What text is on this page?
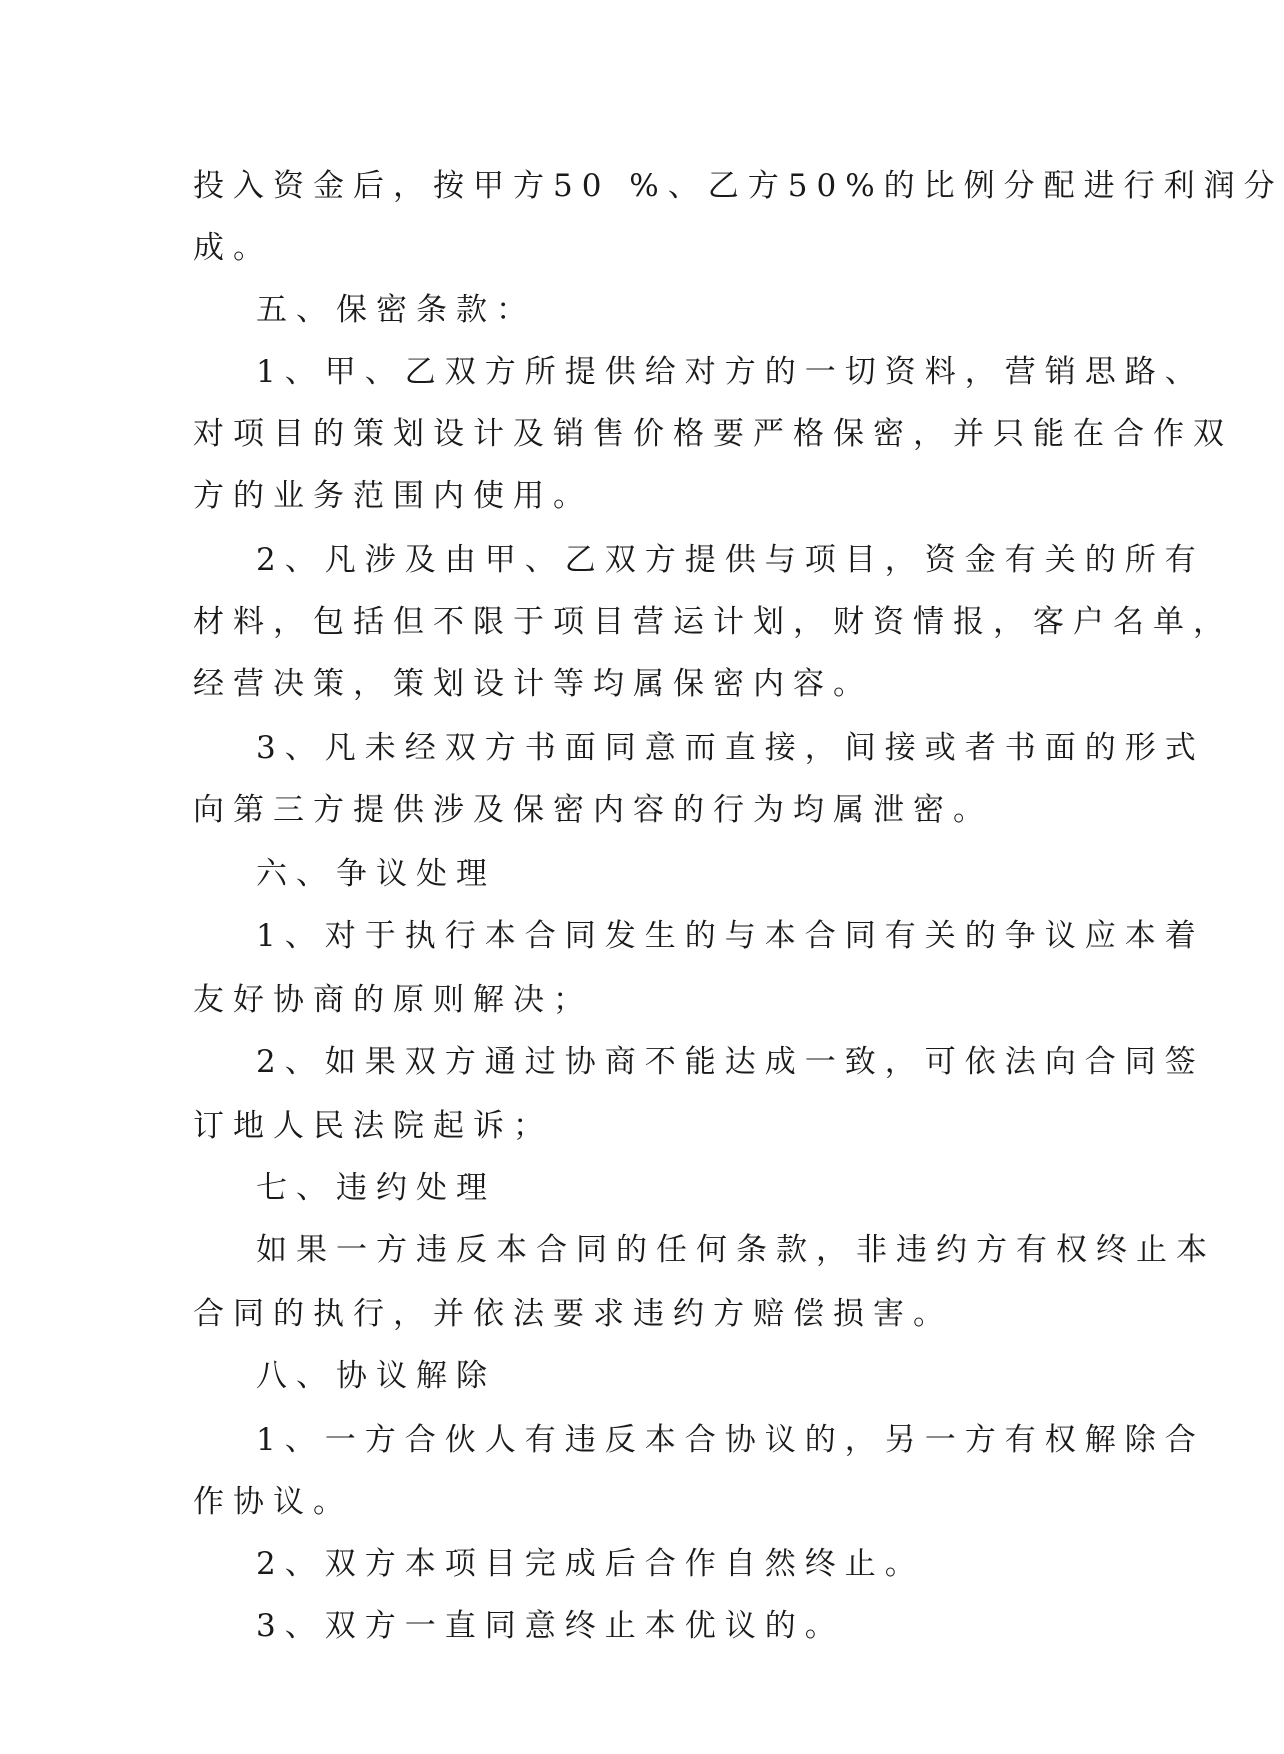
投入资金后，按甲方50 %、乙方50%的比例分配进行利润分
成。
五、保密条款：
1、甲、乙双方所提供给对方的一切资料，营销思路、
对项目的策划设计及销售价格要严格保密，并只能在合作双
方的业务范围内使用。
2、凡涉及由甲、乙双方提供与项目，资金有关的所有
材料，包括但不限于项目营运计划，财资情报，客户名单，
经营决策，策划设计等均属保密内容。
3、凡未经双方书面同意而直接，间接或者书面的形式
向第三方提供涉及保密内容的行为均属泄密。
六、争议处理
1、对于执行本合同发生的与本合同有关的争议应本着
友好协商的原则解决；
2、如果双方通过协商不能达成一致，可依法向合同签
订地人民法院起诉；
七、违约处理
如果一方违反本合同的任何条款，非违约方有权终止本
合同的执行，并依法要求违约方赔偿损害。
八、协议解除
1、一方合伙人有违反本合协议的，另一方有权解除合
作协议。
2、双方本项目完成后合作自然终止。
3、双方一直同意终止本优议的。
